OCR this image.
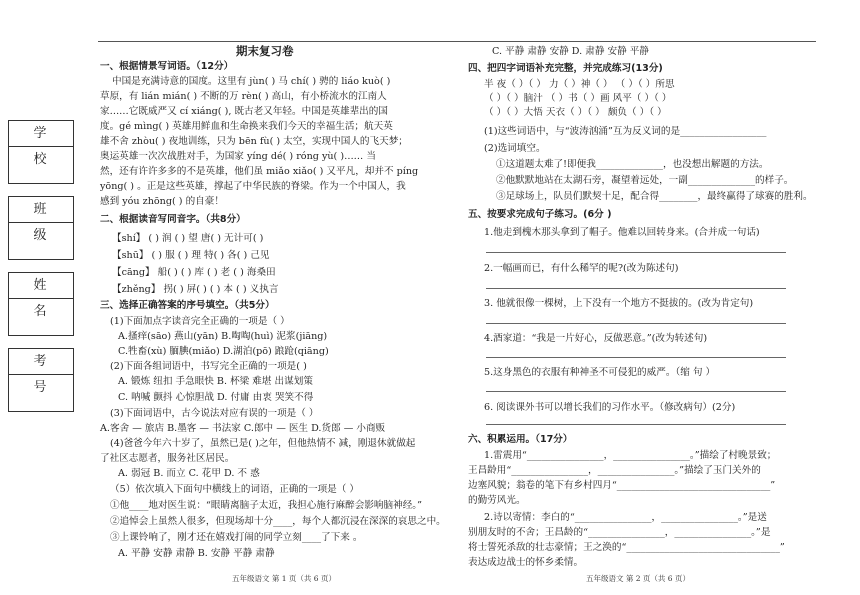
学 校
班 级
姓 名
考 号
期末复习卷
一、根据情景写词语。（12分）
中国是充满诗意的国度。这里有 jùn( ) 马 chí( ) 骋的 liáo kuò( )
草原，有 lián mián( ) 不断的万 rèn( ) 高山，有小桥流水的江南人
家……它既威严又 cí xiáng( ), 既古老又年轻。中国是英雄辈出的国
度。gé mìng( ) 英雄用鲜血和生命换来我们今天的幸福生活；航天英
雄不舍 zhòu( ) 夜地训练，只为 bēn fù( ) 太空，实现中国人的飞天梦；
奥运英雄一次次战胜对手，为国家 yíng dé( ) róng yù( )…… 当
然，还有许许多多的不是英雄，他们虽 miǎo xiǎo( ) 又平凡，却并不 píng
yōng( ) 。正是这些英雄，撑起了中华民族的脊梁。作为一个中国人，我
感到 yóu zhōng( ) 的自豪！
二、根据读音写同音字。（共8分）
【shí】 ( ) 润 ( ) 望 唐( ) 无计可( )
【shū】 ( ) 服 ( ) 理 特( ) 各( ) 己见
【cāng】 船( ) ( ) 库 ( ) 老 ( ) 海桑田
【zhěng】 拐( ) 屏( ) ( ) 本 ( ) 义执言
三、选择正确答案的序号填空。（共5分）
(1)下面加点字读音完全正确的一项是（ ）
A.搔痒(sāo) 燕山(yān) B.啕啕(huì) 泥浆(jiāng)
C.牲畜(xù) 腼腆(miǎo) D.湖泊(pō) 踉跄(qiāng)
(2)下面各组词语中，书写完全正确的一项是( )
A. 锻炼 纽扣 手急眼快 B. 杯梁 难堪 出谋划策
C. 呐喊 颤抖 心惊胆战 D. 付庸 由衷 哭笑不得
(3)下面词语中，古今说法对应有误的一项是（ ）
A.客舍 — 旅店 B.墨客 — 书法家 C.郎中 — 医生 D.货郎 — 小商贩
(4)爸爸今年六十岁了，虽然已是( )之年，但他热情不 减，刚退休就做起
了社区志愿者，服务社区居民。
A. 弱冠 B. 而立 C. 花甲 D. 不 惑
（5）依次填入下面句中横线上的词语，正确的一项是（ ）
①他____地对医生说：“眼睛离脑子太近，我担心施行麻醉会影响脑神经。”
②追悼会上虽然人很多，但现场却十分____，每个人都沉浸在深深的哀思之中。
③上课铃响了，刚才还在嬉戏打闹的同学立刻____了下来 。
A. 平静 安静 肃静 B. 安静 平静 肃静
五年级语文 第 1 页（共 6 页）
C. 平静 肃静 安静 D. 肃静 安静 平静
四、把四字词语补充完整，并完成练习(13分)
半 夜（ ）（ ） 力（ ）神（ ） （ ）（ ）所思
（ ）（ ）脑汁 （ ）书（ ）画 风平（ ）（ ）
（ ）（ ）大悟 天衣（ ）（ ） 颇负（ ）（ ）
(1)这些词语中，与“波涛汹涌”互为反义词的是__________________
(2)选词填空。
①这道题太难了!即便我______________，也没想出解题的方法。
②他默默地站在太湖石旁，凝望着远处，一副______________的样子。
③足球场上，队员们默契十足，配合得________，最终赢得了球赛的胜利。
五、按要求完成句子练习。(6分 )
1.他走到槐木那头拿到了帽子。他难以回转身来。(合并成一句话)
2.一幅画而已，有什么稀罕的呢?(改为陈述句)
3. 他就很像一棵树，上下没有一个地方不挺拔的。(改为肯定句)
4.酒家道：“我是一片好心，反做恶意。”(改为转述句)
5.这身黑色的衣服有种神圣不可侵犯的威严。（缩 句 ）
6. 阅读课外书可以增长我们的习作水平。（修改病句）(2分)
六、积累运用。（17分）
1.雷震用“________________，________________。”描绘了村晚景致；
王昌龄用“________________，________________。”描绘了玉门关外的
边塞风貌；翁卷的笔下有乡村四月“________________________________”
的勤劳风光。
2.诗以寄情：李白的“________________，________________。”是送
别朋友时的不舍；王昌龄的“________________，________________。”是
将士誓死杀敌的壮志豪情；王之涣的“________________________________”
表达成边战士的怀乡柔情。
五年级语文 第 2 页（共 6 页）
